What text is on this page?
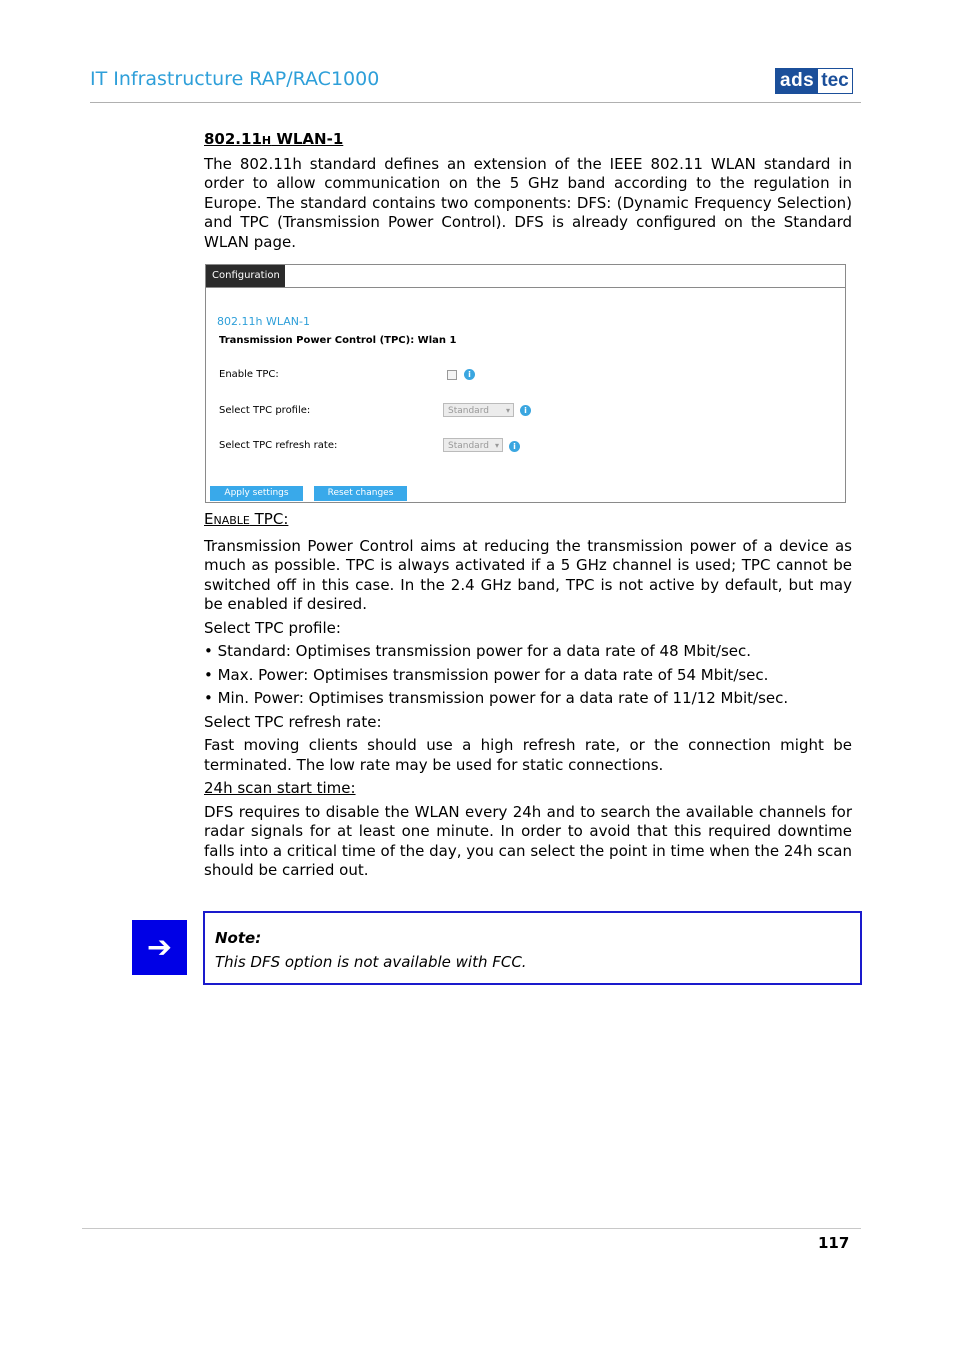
IT Infrastructure RAP/RAC1000	ads tec
802.11H WLAN-1

The 802.11h standard defines an extension of the IEEE 802.11 WLAN standard in order to allow communication on the 5 GHz band according to the regulation in Europe. The standard contains two components: DFS: (Dynamic Frequency Selection) and TPC (Transmission Power Control). DFS is already configured on the Standard WLAN page.

Configuration
802.11h WLAN-1
Transmission Power Control (TPC): Wlan 1
Enable TPC:	i
Select TPC profile:	Standard ▾	i
Select TPC refresh rate:	Standard ▾	i
Apply settings	Reset changes
ENABLE TPC:

Transmission Power Control aims at reducing the transmission power of a device as much as possible. TPC is always activated if a 5 GHz channel is used; TPC cannot be switched off in this case. In the 2.4 GHz band, TPC is not active by default, but may be enabled if desired.

Select TPC profile:

• Standard: Optimises transmission power for a data rate of 48 Mbit/sec.

• Max. Power: Optimises transmission power for a data rate of 54 Mbit/sec.

• Min. Power: Optimises transmission power for a data rate of 11/12 Mbit/sec.

Select TPC refresh rate:

Fast moving clients should use a high refresh rate, or the connection might be terminated. The low rate may be used for static connections.

24h scan start time:

DFS requires to disable the WLAN every 24h and to search the available channels for radar signals for at least one minute. In order to avoid that this required downtime falls into a critical time of the day, you can select the point in time when the 24h scan should be carried out.

➔	Note:
This DFS option is not available with FCC.
117
